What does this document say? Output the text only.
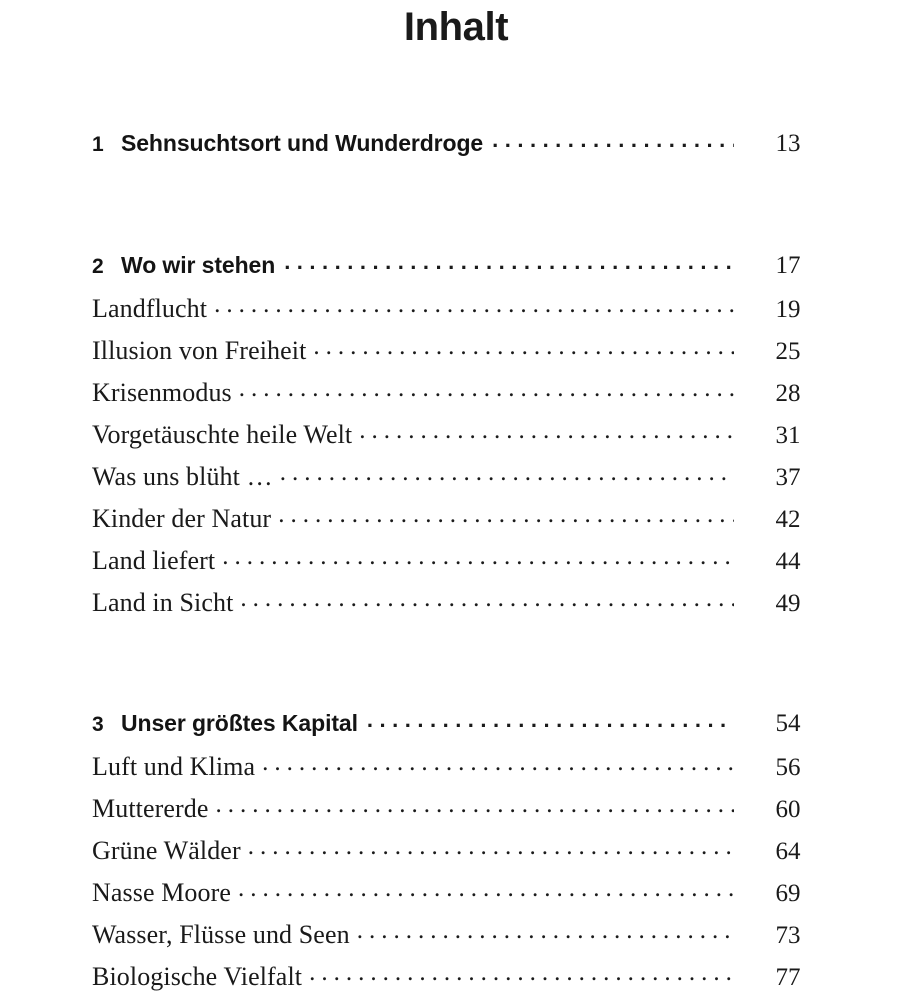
Inhalt
1 Sehnsuchtsort und Wunderdroge .....	13
2 Wo wir stehen .....	17
Landflucht .....	19
Illusion von Freiheit .....	25
Krisenmodus .....	28
Vorgetäuschte heile Welt .....	31
Was uns blüht … .....	37
Kinder der Natur .....	42
Land liefert .....	44
Land in Sicht .....	49
3 Unser größtes Kapital .....	54
Luft und Klima .....	56
Muttererde .....	60
Grüne Wälder .....	64
Nasse Moore .....	69
Wasser, Flüsse und Seen .....	73
Biologische Vielfalt .....	77
